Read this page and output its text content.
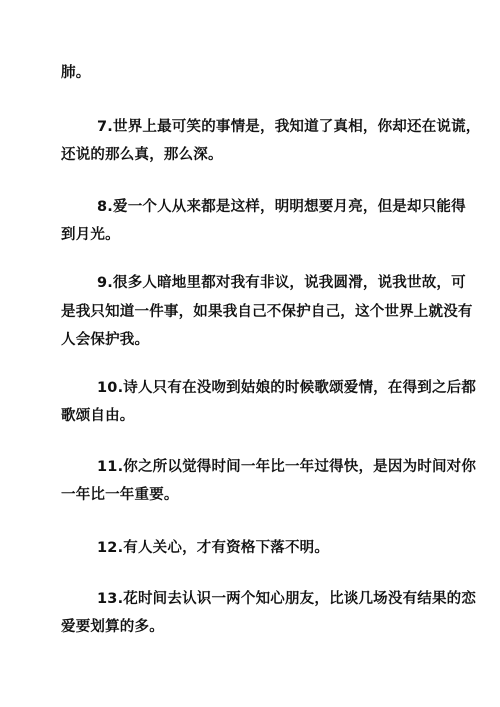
肺。
7.世界上最可笑的事情是，我知道了真相，你却还在说谎，
还说的那么真，那么深。
8.爱一个人从来都是这样，明明想要月亮，但是却只能得
到月光。
9.很多人暗地里都对我有非议，说我圆滑，说我世故，可
是我只知道一件事，如果我自己不保护自己，这个世界上就没有
人会保护我。
10.诗人只有在没吻到姑娘的时候歌颂爱情，在得到之后都
歌颂自由。
11.你之所以觉得时间一年比一年过得快，是因为时间对你
一年比一年重要。
12.有人关心，才有资格下落不明。
13.花时间去认识一两个知心朋友，比谈几场没有结果的恋
爱要划算的多。
